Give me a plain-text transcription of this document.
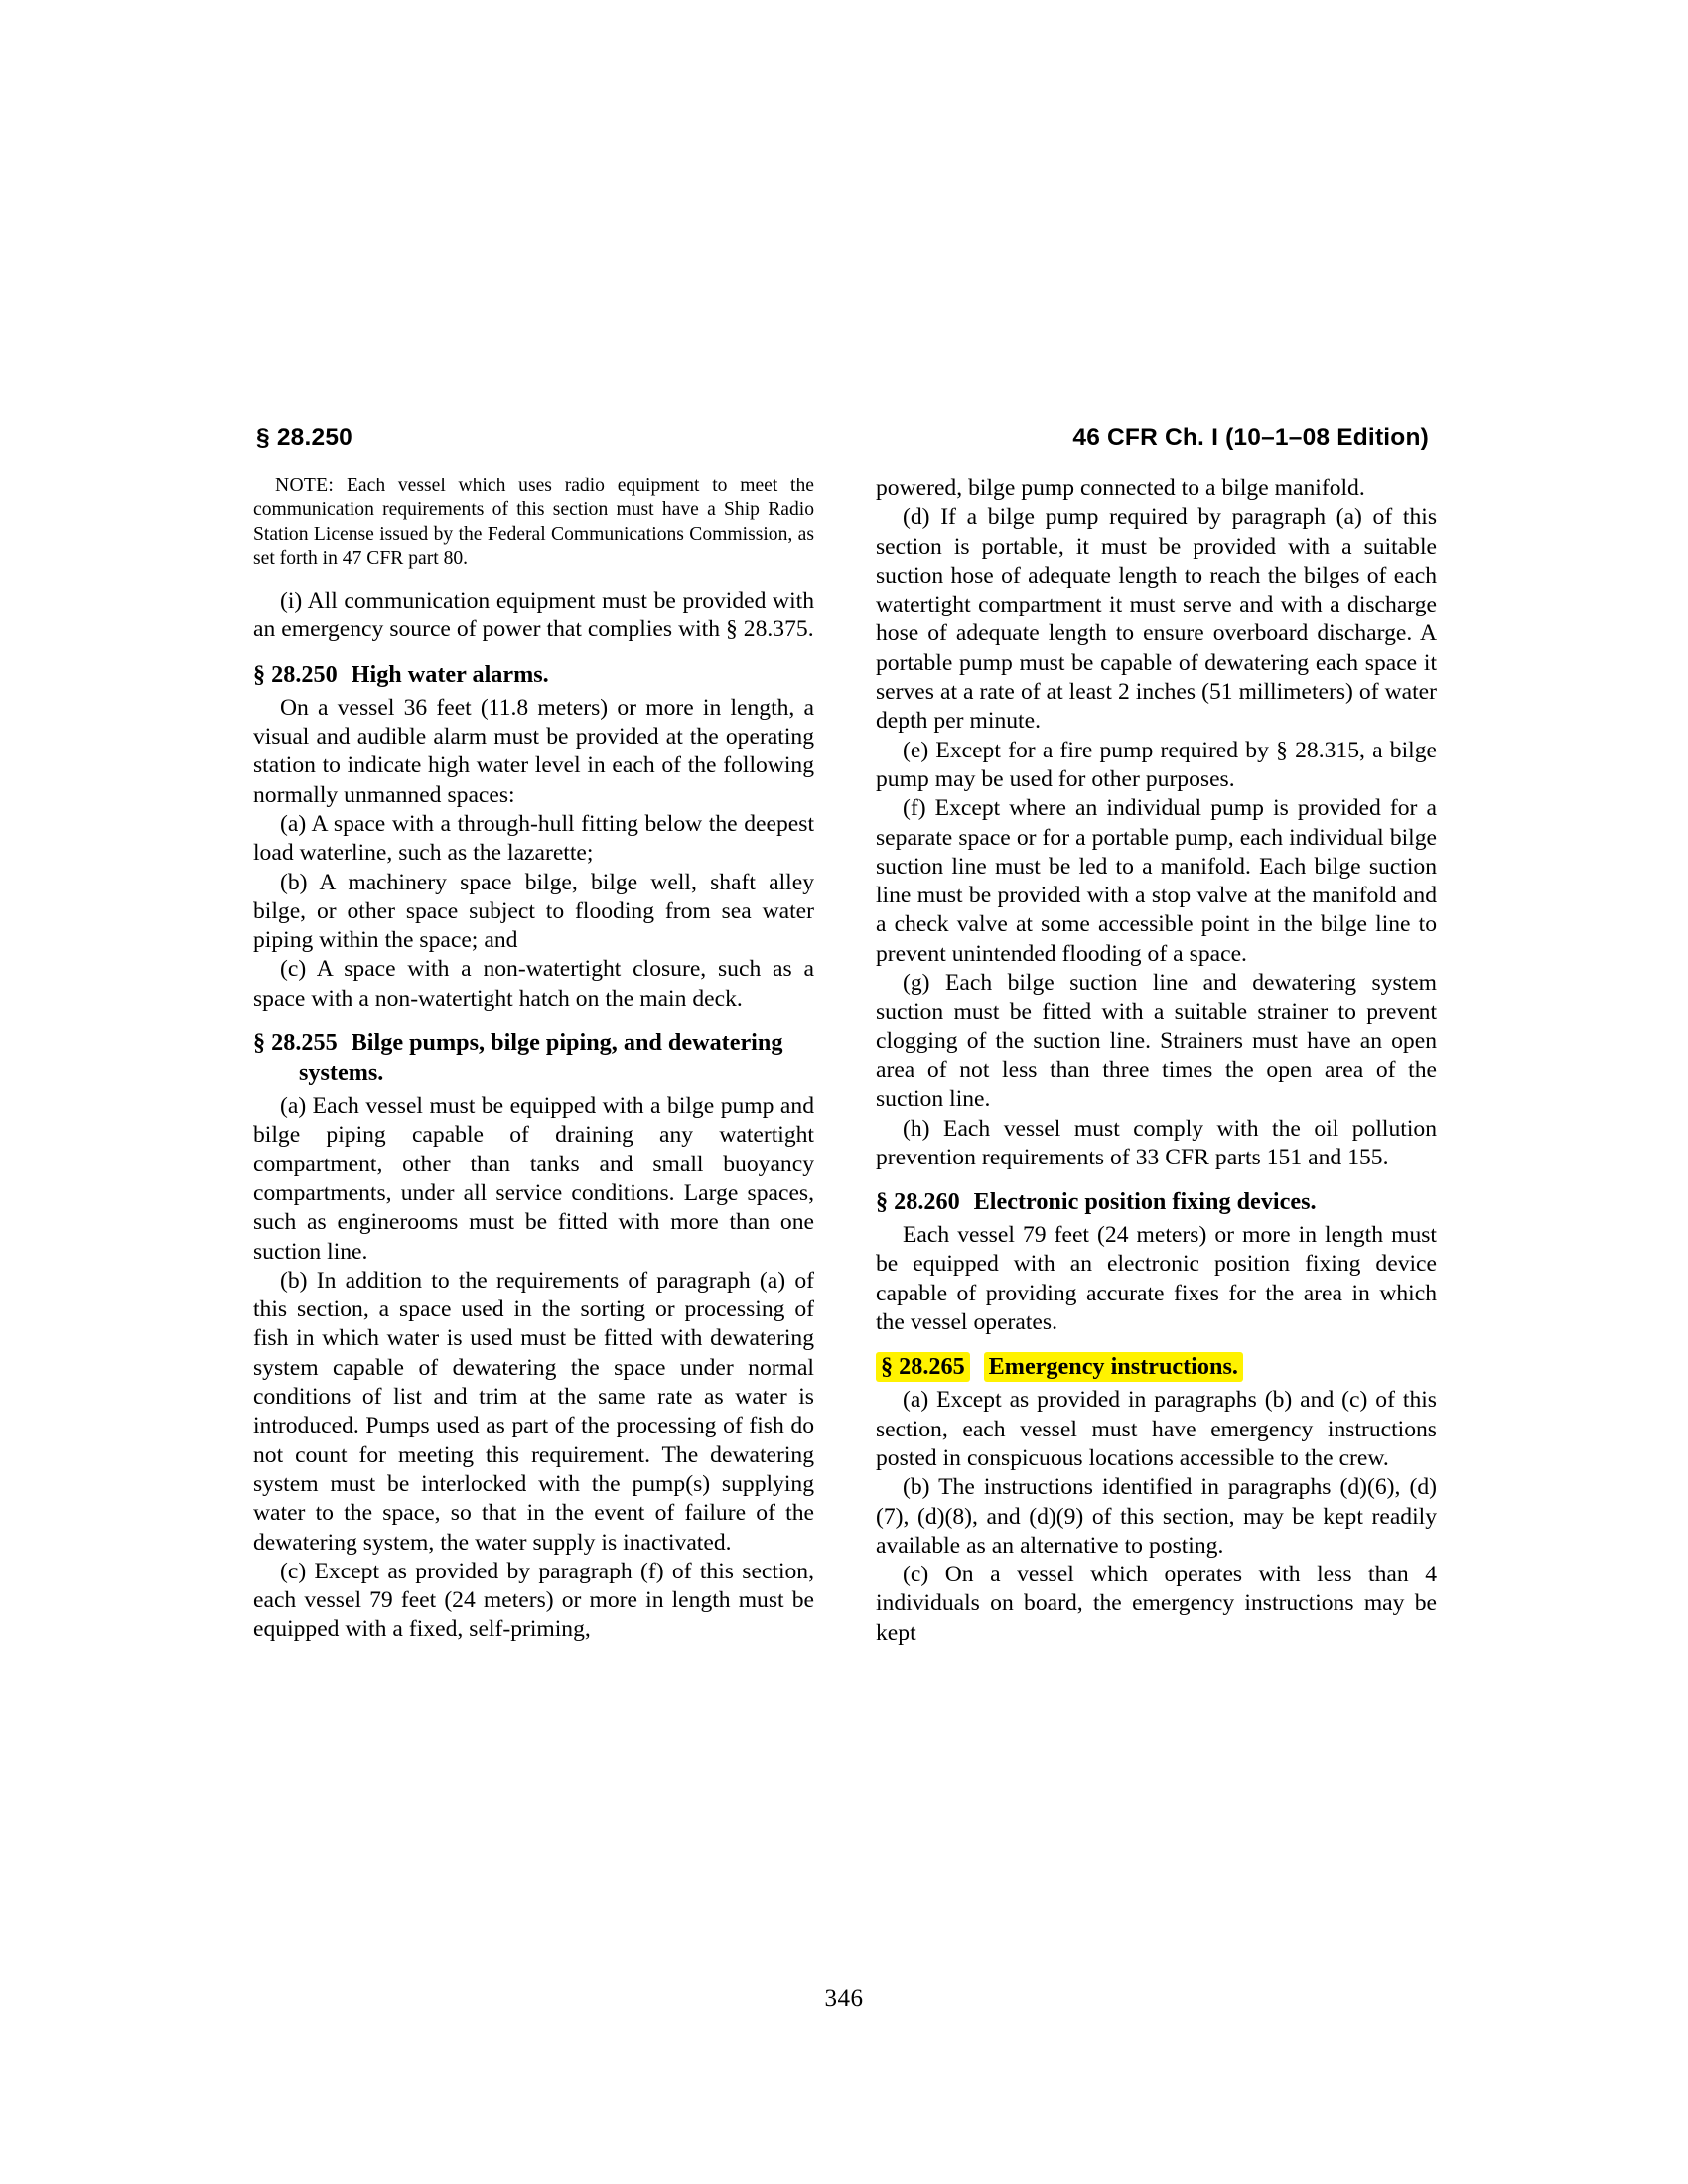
§ 28.250	46 CFR Ch. I (10–1–08 Edition)
NOTE: Each vessel which uses radio equipment to meet the communication requirements of this section must have a Ship Radio Station License issued by the Federal Communications Commission, as set forth in 47 CFR part 80.

(i) All communication equipment must be provided with an emergency source of power that complies with § 28.375.

§ 28.250 High water alarms.

On a vessel 36 feet (11.8 meters) or more in length, a visual and audible alarm must be provided at the operating station to indicate high water level in each of the following normally unmanned spaces:

(a) A space with a through-hull fitting below the deepest load waterline, such as the lazarette;

(b) A machinery space bilge, bilge well, shaft alley bilge, or other space subject to flooding from sea water piping within the space; and

(c) A space with a non-watertight closure, such as a space with a non-watertight hatch on the main deck.

§ 28.255 Bilge pumps, bilge piping, and dewatering systems.

(a) Each vessel must be equipped with a bilge pump and bilge piping capable of draining any watertight compartment, other than tanks and small buoyancy compartments, under all service conditions. Large spaces, such as enginerooms must be fitted with more than one suction line.

(b) In addition to the requirements of paragraph (a) of this section, a space used in the sorting or processing of fish in which water is used must be fitted with dewatering system capable of dewatering the space under normal conditions of list and trim at the same rate as water is introduced. Pumps used as part of the processing of fish do not count for meeting this requirement. The dewatering system must be interlocked with the pump(s) supplying water to the space, so that in the event of failure of the dewatering system, the water supply is inactivated.

(c) Except as provided by paragraph (f) of this section, each vessel 79 feet (24 meters) or more in length must be equipped with a fixed, self-priming,

powered, bilge pump connected to a bilge manifold.

(d) If a bilge pump required by paragraph (a) of this section is portable, it must be provided with a suitable suction hose of adequate length to reach the bilges of each watertight compartment it must serve and with a discharge hose of adequate length to ensure overboard discharge. A portable pump must be capable of dewatering each space it serves at a rate of at least 2 inches (51 millimeters) of water depth per minute.

(e) Except for a fire pump required by § 28.315, a bilge pump may be used for other purposes.

(f) Except where an individual pump is provided for a separate space or for a portable pump, each individual bilge suction line must be led to a manifold. Each bilge suction line must be provided with a stop valve at the manifold and a check valve at some accessible point in the bilge line to prevent unintended flooding of a space.

(g) Each bilge suction line and dewatering system suction must be fitted with a suitable strainer to prevent clogging of the suction line. Strainers must have an open area of not less than three times the open area of the suction line.

(h) Each vessel must comply with the oil pollution prevention requirements of 33 CFR parts 151 and 155.

§ 28.260 Electronic position fixing devices.

Each vessel 79 feet (24 meters) or more in length must be equipped with an electronic position fixing device capable of providing accurate fixes for the area in which the vessel operates.

§ 28.265 Emergency instructions.

(a) Except as provided in paragraphs (b) and (c) of this section, each vessel must have emergency instructions posted in conspicuous locations accessible to the crew.

(b) The instructions identified in paragraphs (d)(6), (d)(7), (d)(8), and (d)(9) of this section, may be kept readily available as an alternative to posting.

(c) On a vessel which operates with less than 4 individuals on board, the emergency instructions may be kept

346
